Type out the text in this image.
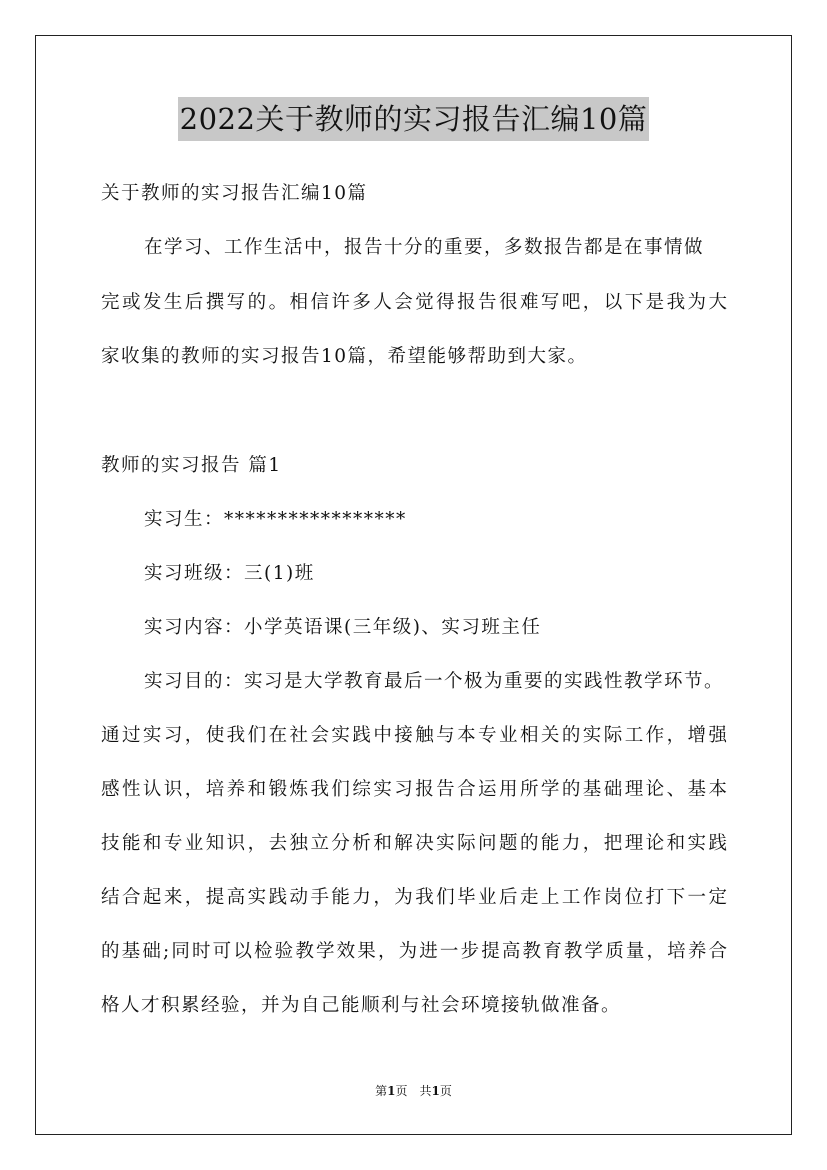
2022关于教师的实习报告汇编10篇
关于教师的实习报告汇编10篇
在学习、工作生活中，报告十分的重要，多数报告都是在事情做
完或发生后撰写的。相信许多人会觉得报告很难写吧，以下是我为大
家收集的教师的实习报告10篇，希望能够帮助到大家。
教师的实习报告 篇1
实习生：*****************
实习班级：三(1)班
实习内容：小学英语课(三年级)、实习班主任
实习目的：实习是大学教育最后一个极为重要的实践性教学环节。
通过实习，使我们在社会实践中接触与本专业相关的实际工作，增强
感性认识，培养和锻炼我们综实习报告合运用所学的基础理论、基本
技能和专业知识，去独立分析和解决实际问题的能力，把理论和实践
结合起来，提高实践动手能力，为我们毕业后走上工作岗位打下一定
的基础;同时可以检验教学效果，为进一步提高教育教学质量，培养合
格人才积累经验，并为自己能顺利与社会环境接轨做准备。
第1页　共1页
